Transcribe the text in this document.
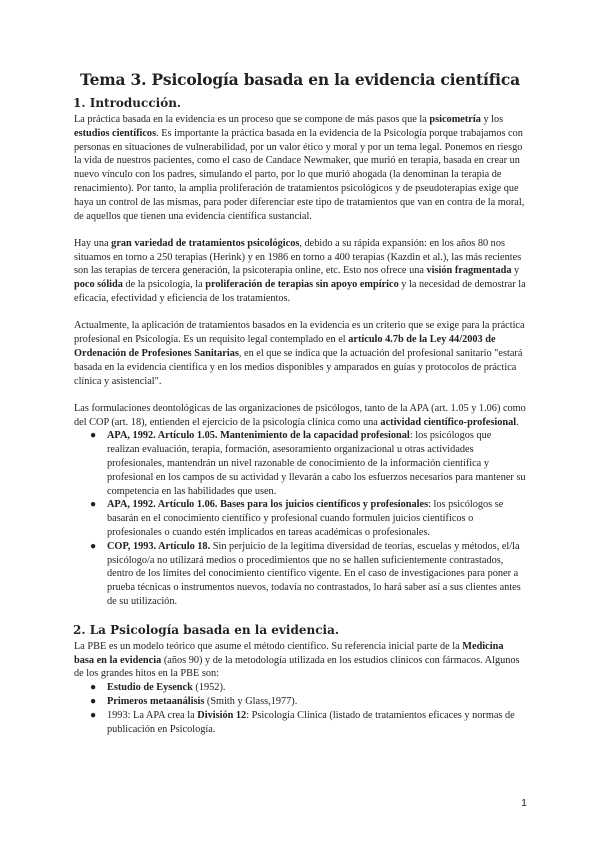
Tema 3. Psicología basada en la evidencia científica
1. Introducción.

La práctica basada en la evidencia es un proceso que se compone de más pasos que la psicometría y los estudios científicos. Es importante la práctica basada en la evidencia de la Psicología porque trabajamos con personas en situaciones de vulnerabilidad, por un valor ético y moral y por un tema legal. Ponemos en riesgo la vida de nuestros pacientes, como el caso de Candace Newmaker, que murió en terapia, basada en crear un nuevo vínculo con los padres, simulando el parto, por lo que murió ahogada (la denominan la terapia de renacimiento). Por tanto, la amplia proliferación de tratamientos psicológicos y de pseudoterapias exige que haya un control de las mismas, para poder diferenciar este tipo de tratamientos que van en contra de la moral, de aquellos que tienen una evidencia científica sustancial.

Hay una gran variedad de tratamientos psicológicos, debido a su rápida expansión: en los años 80 nos situamos en torno a 250 terapias (Herink) y en 1986 en torno a 400 terapias (Kazdin et al.), las más recientes son las terapias de tercera generación, la psicoterapia online, etc. Esto nos ofrece una visión fragmentada y poco sólida de la psicología, la proliferación de terapias sin apoyo empírico y la necesidad de demostrar la eficacia, efectividad y eficiencia de los tratamientos.

Actualmente, la aplicación de tratamientos basados en la evidencia es un criterio que se exige para la práctica profesional en Psicología. Es un requisito legal contemplado en el artículo 4.7b de la Ley 44/2003 de Ordenación de Profesiones Sanitarias, en el que se indica que la actuación del profesional sanitario "estará basada en la evidencia científica y en los medios disponibles y amparados en guías y protocolos de práctica clínica y asistencial".

Las formulaciones deontológicas de las organizaciones de psicólogos, tanto de la APA (art. 1.05 y 1.06) como del COP (art. 18), entienden el ejercicio de la psicología clínica como una actividad científico-profesional.

● APA, 1992. Artículo 1.05. Mantenimiento de la capacidad profesional: los psicólogos que realizan evaluación, terapia, formación, asesoramiento organizacional u otras actividades profesionales, mantendrán un nivel razonable de conocimiento de la información científica y profesional en los campos de su actividad y llevarán a cabo los esfuerzos necesarios para mantener su competencia en las habilidades que usen.
● APA, 1992. Artículo 1.06. Bases para los juicios científicos y profesionales: los psicólogos se basarán en el conocimiento científico y profesional cuando formulen juicios científicos o profesionales o cuando estén implicados en tareas académicas o profesionales.
● COP, 1993. Artículo 18. Sin perjuicio de la legítima diversidad de teorías, escuelas y métodos, el/la psicólogo/a no utilizará medios o procedimientos que no se hallen suficientemente contrastados, dentro de los límites del conocimiento científico vigente. En el caso de investigaciones para poner a prueba técnicas o instrumentos nuevos, todavía no contrastados, lo hará saber así a sus clientes antes de su utilización.
2. La Psicología basada en la evidencia.

La PBE es un modelo teórico que asume el método científico. Su referencia inicial parte de la Medicina basa en la evidencia (años 90) y de la metodología utilizada en los estudios clínicos con fármacos. Algunos de los grandes hitos en la PBE son:

● Estudio de Eysenck (1952).
● Primeros metaanálisis (Smith y Glass,1977).
● 1993: La APA crea la División 12: Psicología Clínica (listado de tratamientos eficaces y normas de publicación en Psicología.
1
